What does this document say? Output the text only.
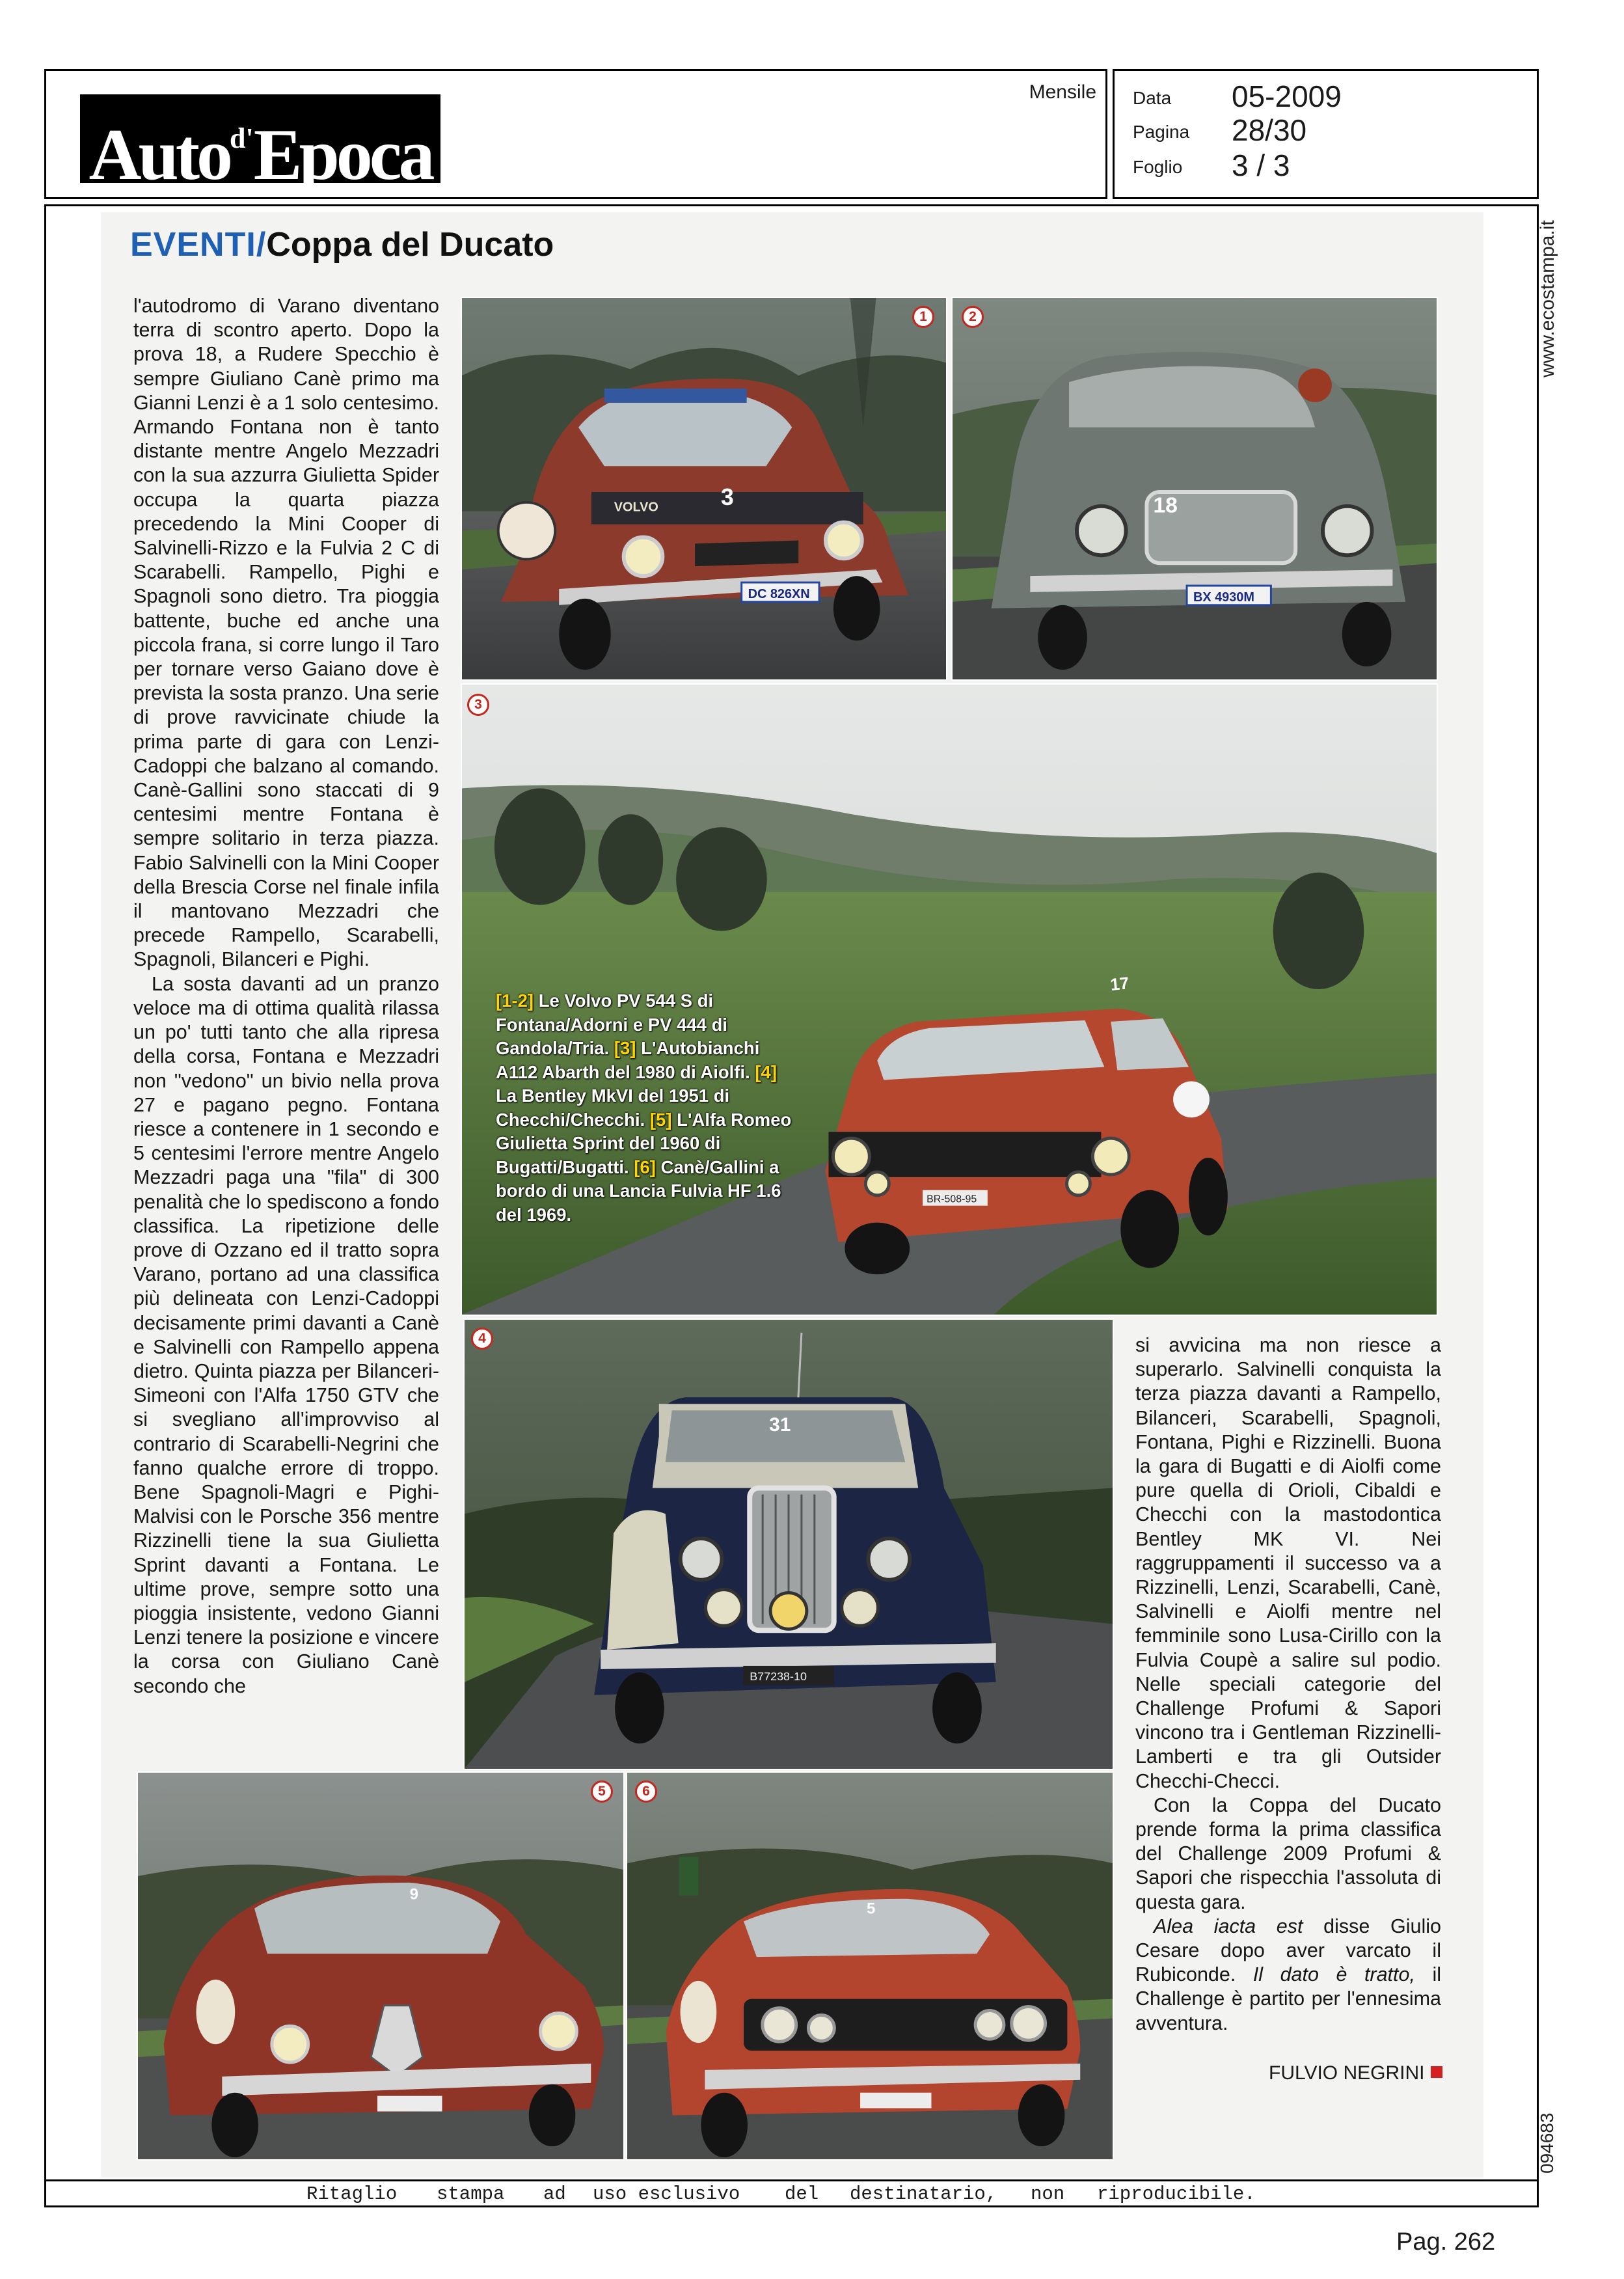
Auto$^{d'}$Epoca
Mensile Data	05-2009
Pagina	28/30
Foglio	3 / 3
www.ecostampa.it
094683
EVENTI/Coppa del Ducato

l'autodromo di Varano diventano terra di scontro aperto. Dopo la prova 18, a Rudere Specchio è sempre Giuliano Canè primo ma Gianni Lenzi è a 1 solo centesimo. Armando Fontana non è tanto distante mentre Angelo Mezzadri con la sua azzurra Giulietta Spider occupa la quarta piazza precedendo la Mini Cooper di Salvinelli-Rizzo e la Fulvia 2 C di Scarabelli. Rampello, Pighi e Spagnoli sono dietro. Tra pioggia battente, buche ed anche una piccola frana, si corre lungo il Taro per tornare verso Gaiano dove è prevista la sosta pranzo. Una serie di prove ravvicinate chiude la prima parte di gara con Lenzi-Cadoppi che balzano al comando. Canè-Gallini sono staccati di 9 centesimi mentre Fontana è sempre solitario in terza piazza. Fabio Salvinelli con la Mini Cooper della Brescia Corse nel finale infila il mantovano Mezzadri che precede Rampello, Scarabelli, Spagnoli, Bilanceri e Pighi.

La sosta davanti ad un pranzo veloce ma di ottima qualità rilassa un po' tutti tanto che alla ripresa della corsa, Fontana e Mezzadri non "vedono" un bivio nella prova 27 e pagano pegno. Fontana riesce a contenere in 1 secondo e 5 centesimi l'errore mentre Angelo Mezzadri paga una "fila" di 300 penalità che lo spediscono a fondo classifica. La ripetizione delle prove di Ozzano ed il tratto sopra Varano, portano ad una classifica più delineata con Lenzi-Cadoppi decisamente primi davanti a Canè e Salvinelli con Rampello appena dietro. Quinta piazza per Bilanceri-Simeoni con l'Alfa 1750 GTV che si svegliano all'improvviso al contrario di Scarabelli-Negrini che fanno qualche errore di troppo. Bene Spagnoli-Magri e Pighi-Malvisi con le Porsche 356 mentre Rizzinelli tiene la sua Giulietta Sprint davanti a Fontana. Le ultime prove, sempre sotto una pioggia insistente, vedono Gianni Lenzi tenere la posizione e vincere la corsa con Giuliano Canè secondo che

VOLVO	3
DC 826XN
1
18
BX 4930M
2
17
BR-508-95
3
[1-2] Le Volvo PV 544 S di Fontana/Adorni e PV 444 di Gandola/Tria. [3] L'Autobianchi A112 Abarth del 1980 di Aiolfi. [4] La Bentley MkVI del 1951 di Checchi/Checchi. [5] L'Alfa Romeo Giulietta Sprint del 1960 di Bugatti/Bugatti. [6] Canè/Gallini a bordo di una Lancia Fulvia HF 1.6 del 1969.
31
B77238-10
4	si avvicina ma non riesce a superarlo. Salvinelli conquista la terza piazza davanti a Rampello, Bilanceri, Scarabelli, Spagnoli, Fontana, Pighi e Rizzinelli. Buona la gara di Bugatti e di Aiolfi come pure quella di Orioli, Cibaldi e Checchi con la mastodontica Bentley MK VI. Nei raggruppamenti il successo va a Rizzinelli, Lenzi, Scarabelli, Canè, Salvinelli e Aiolfi mentre nel femminile sono Lusa-Cirillo con la Fulvia Coupè a salire sul podio. Nelle speciali categorie del Challenge Profumi & Sapori vincono tra i Gentleman Rizzinelli-Lamberti e tra gli Outsider Checchi-Checci.

Con la Coppa del Ducato prende forma la prima classifica del Challenge 2009 Profumi & Sapori che rispecchia l'assoluta di questa gara.

Alea iacta est disse Giulio Cesare dopo aver varcato il Rubiconde. Il dato è tratto, il Challenge è partito per l'ennesima avventura.

FULVIO NEGRINI
9
5
5
6
Ritaglio stampa ad uso esclusivo del destinatario, non riproducibile.
Pag. 262
